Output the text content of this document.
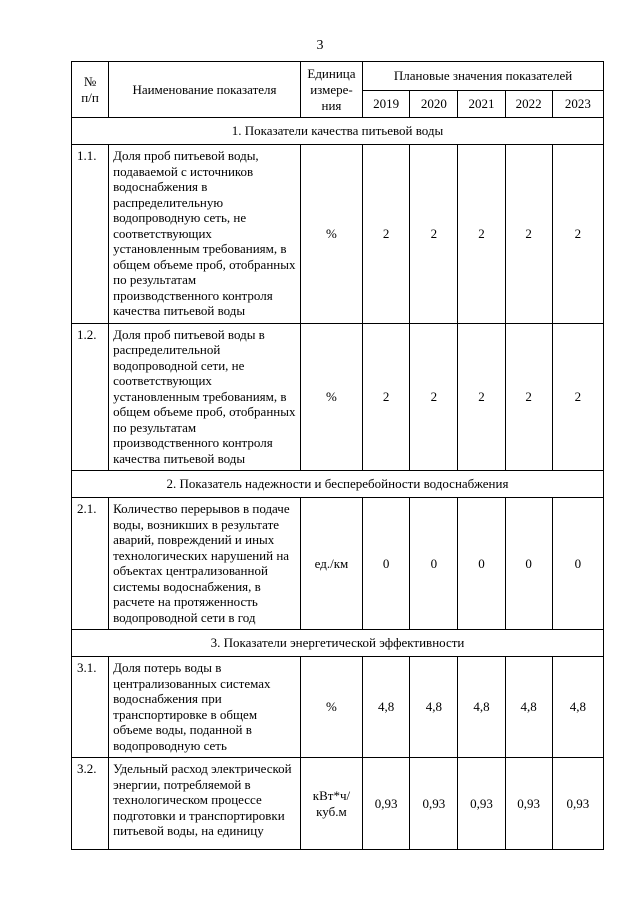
3
№ п/п	Наименование показателя	Единица измере-ния	Плановые значения показателей				
			2019	2020	2021	2022	2023
1. Показатели качества питьевой воды							
1.1.	Доля проб питьевой воды, подаваемой с источников водоснабжения в распределительную водопроводную сеть, не соответствующих установленным требованиям, в общем объеме проб, отобранных по результатам производственного контроля качества питьевой воды	%	2	2	2	2	2
1.2.	Доля проб питьевой воды в распределительной водопроводной сети, не соответствующих установленным требованиям, в общем объеме проб, отобранных по результатам производственного контроля качества питьевой воды	%	2	2	2	2	2
2. Показатель надежности и бесперебойности водоснабжения							
2.1.	Количество перерывов в подаче воды, возникших в результате аварий, повреждений и иных технологических нарушений на объектах централизованной системы водоснабжения, в расчете на протяженность водопроводной сети в год	ед./км	0	0	0	0	0
3. Показатели энергетической эффективности							
3.1.	Доля потерь воды в централизованных системах водоснабжения при транспортировке в общем объеме воды, поданной в водопроводную сеть	%	4,8	4,8	4,8	4,8	4,8
3.2.	Удельный расход электрической энергии, потребляемой в технологическом процессе подготовки и транспортировки питьевой воды, на единицу	кВт*ч/ куб.м	0,93	0,93	0,93	0,93	0,93
